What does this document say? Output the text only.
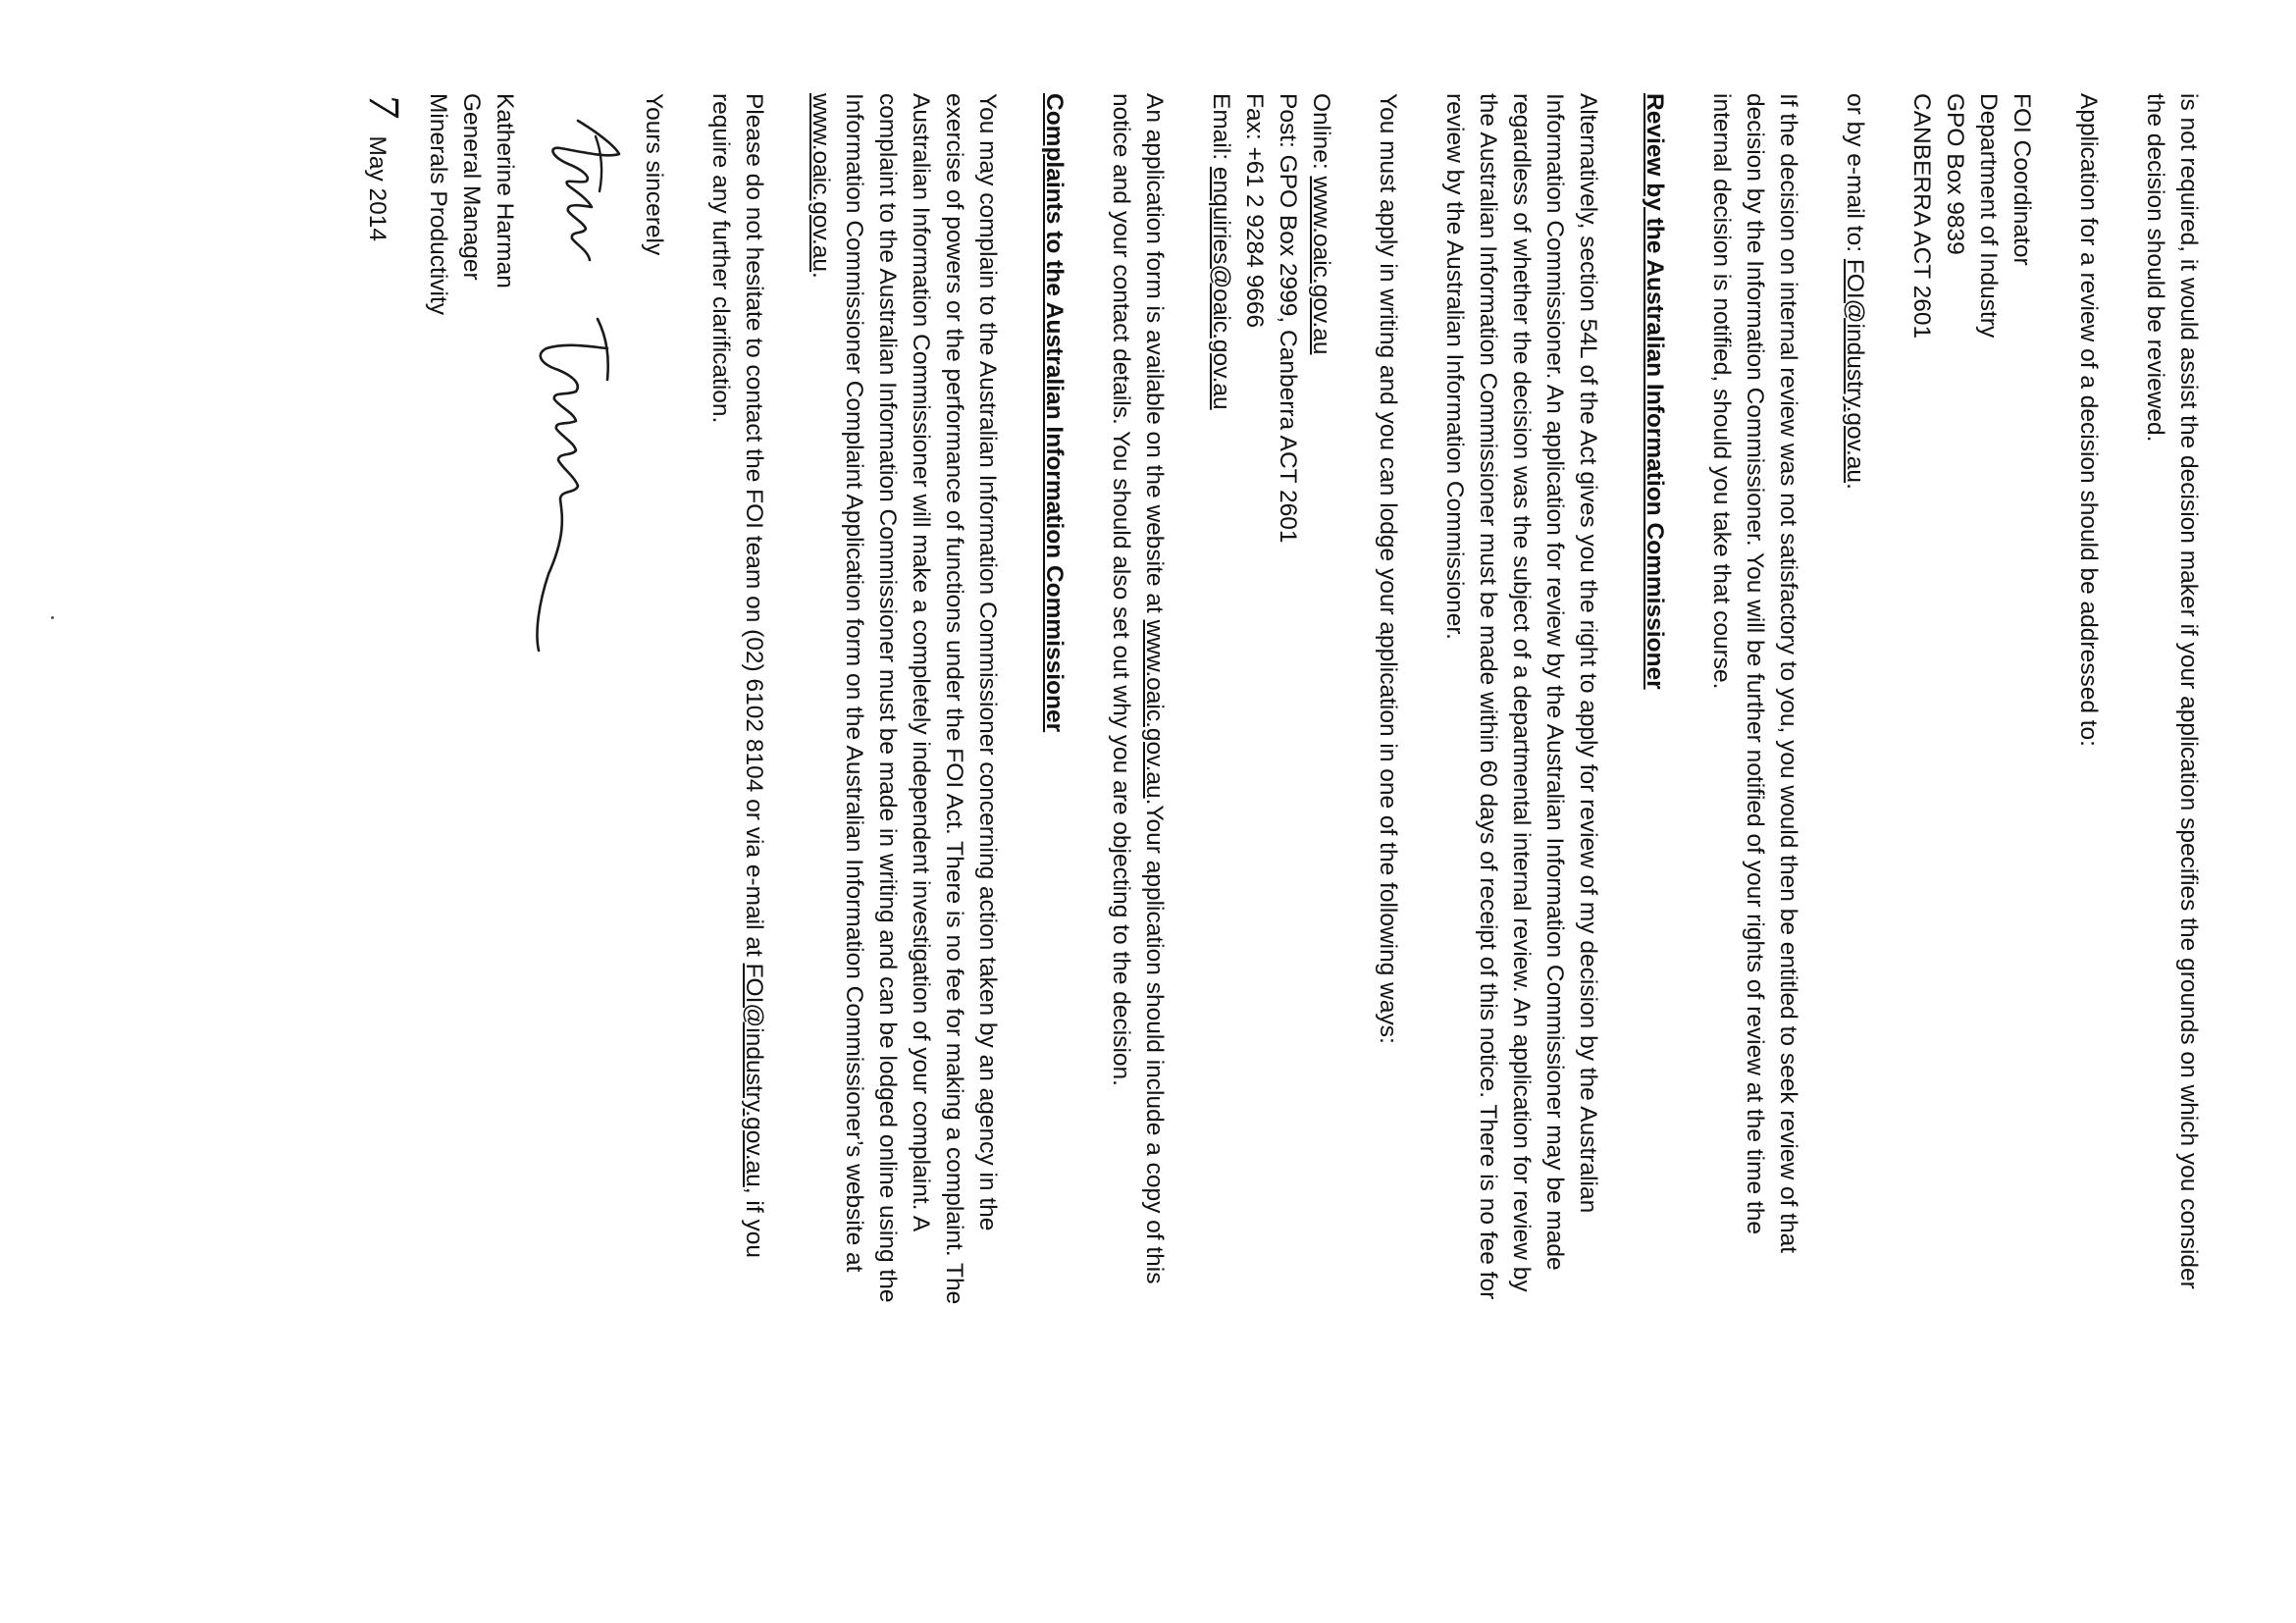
is not required, it would assist the decision maker if your application specifies the grounds on which you consider
the decision should be reviewed.
Application for a review of a decision should be addressed to:
FOI Coordinator
Department of Industry
GPO Box 9839
CANBERRA ACT 2601
or by e-mail to: FOI@industry.gov.au.
If the decision on internal review was not satisfactory to you, you would then be entitled to seek review of that
decision by the Information Commissioner. You will be further notified of your rights of review at the time the
internal decision is notified, should you take that course.
Review by the Australian Information Commissioner
Alternatively, section 54L of the Act gives you the right to apply for review of my decision by the Australian
Information Commissioner. An application for review by the Australian Information Commissioner may be made
regardless of whether the decision was the subject of a departmental internal review. An application for review by
the Australian Information Commissioner must be made within 60 days of receipt of this notice. There is no fee for
review by the Australian Information Commissioner.
You must apply in writing and you can lodge your application in one of the following ways:
Online: www.oaic.gov.au
Post: GPO Box 2999, Canberra ACT 2601
Fax: +61 2 9284 9666
Email: enquiries@oaic.gov.au
An application form is available on the website at www.oaic.gov.au.Your application should include a copy of this
notice and your contact details. You should also set out why you are objecting to the decision.
Complaints to the Australian Information Commissioner
You may complain to the Australian Information Commissioner concerning action taken by an agency in the
exercise of powers or the performance of functions under the FOI Act. There is no fee for making a complaint. The
Australian Information Commissioner will make a completely independent investigation of your complaint. A
complaint to the Australian Information Commissioner must be made in writing and can be lodged online using the
Information Commissioner Complaint Application form on the Australian Information Commissioner’s website at
www.oaic.gov.au.
Please do not hesitate to contact the FOI team on (02) 6102 8104 or via e-mail at FOI@industry.gov.au, if you
require any further clarification.
Yours sincerely
Katherine Harman
General Manager
Minerals Productivity
7May 2014
